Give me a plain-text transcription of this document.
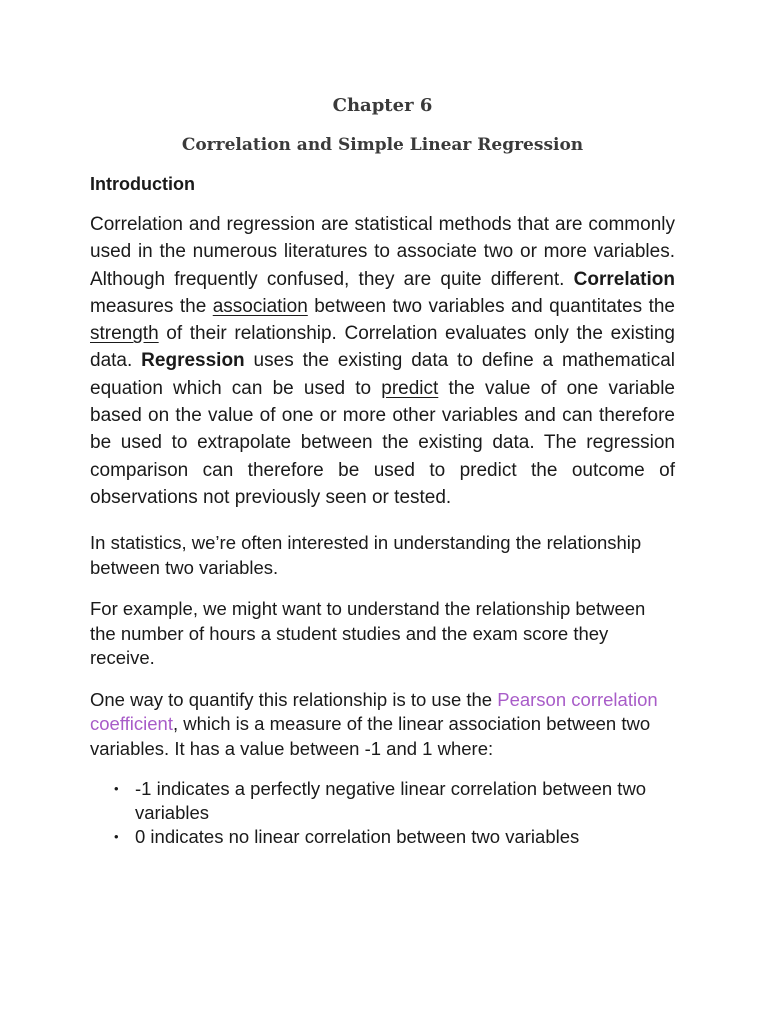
Chapter 6

Correlation and Simple Linear Regression

Introduction

Correlation and regression are statistical methods that are commonly used in the numerous literatures to associate two or more variables. Although frequently confused, they are quite different. Correlation measures the association between two variables and quantitates the strength of their relationship. Correlation evaluates only the existing data. Regression uses the existing data to define a mathematical equation which can be used to predict the value of one variable based on the value of one or more other variables and can therefore be used to extrapolate between the existing data. The regression comparison can therefore be used to predict the outcome of observations not previously seen or tested.

In statistics, we’re often interested in understanding the relationship between two variables.

For example, we might want to understand the relationship between the number of hours a student studies and the exam score they receive.

One way to quantify this relationship is to use the Pearson correlation coefficient, which is a measure of the linear association between two variables. It has a value between -1 and 1 where:

• -1 indicates a perfectly negative linear correlation between two variables
• 0 indicates no linear correlation between two variables
